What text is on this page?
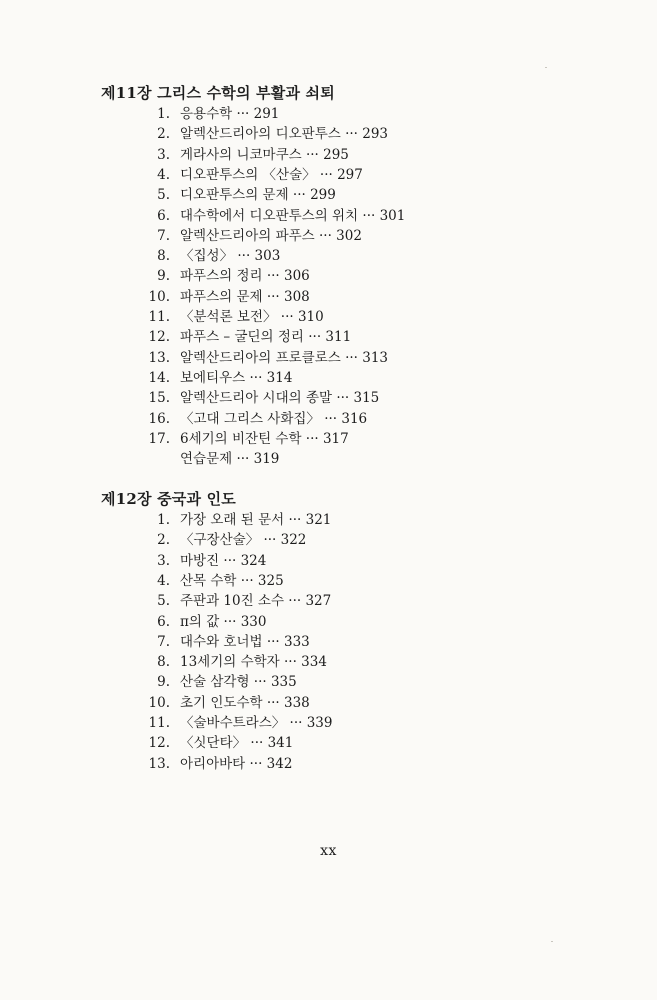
제11장 그리스 수학의 부활과 쇠퇴
1. 응용수학 ··· 291
2. 알렉산드리아의 디오판투스 ··· 293
3. 게라사의 니코마쿠스 ··· 295
4. 디오판투스의 〈산술〉 ··· 297
5. 디오판투스의 문제 ··· 299
6. 대수학에서 디오판투스의 위치 ··· 301
7. 알렉산드리아의 파푸스 ··· 302
8. 〈집성〉 ··· 303
9. 파푸스의 정리 ··· 306
10. 파푸스의 문제 ··· 308
11. 〈분석론 보전〉 ··· 310
12. 파푸스 – 굴딘의 정리 ··· 311
13. 알렉산드리아의 프로클로스 ··· 313
14. 보에티우스 ··· 314
15. 알렉산드리아 시대의 종말 ··· 315
16. 〈고대 그리스 사화집〉 ··· 316
17. 6세기의 비잔틴 수학 ··· 317
연습문제 ··· 319
제12장 중국과 인도
1. 가장 오래 된 문서 ··· 321
2. 〈구장산술〉 ··· 322
3. 마방진 ··· 324
4. 산목 수학 ··· 325
5. 주판과 10진 소수 ··· 327
6. π의 값 ··· 330
7. 대수와 호너법 ··· 333
8. 13세기의 수학자 ··· 334
9. 산술 삼각형 ··· 335
10. 초기 인도수학 ··· 338
11. 〈술바수트라스〉 ··· 339
12. 〈싯단타〉 ··· 341
13. 아리아바타 ··· 342
xx
